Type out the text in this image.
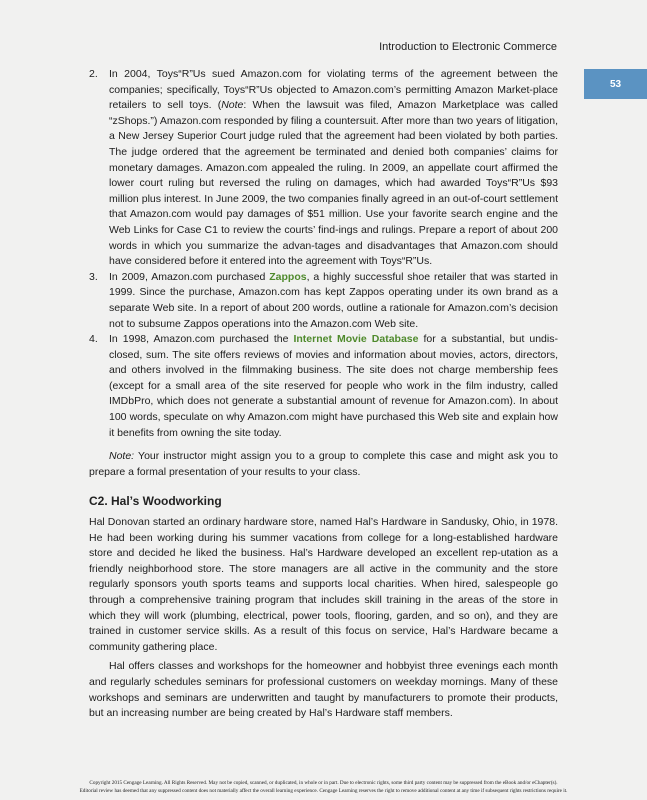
Introduction to Electronic Commerce
53
2. In 2004, Toys“R”Us sued Amazon.com for violating terms of the agreement between the companies; specifically, Toys“R”Us objected to Amazon.com’s permitting Amazon Market-place retailers to sell toys. (Note: When the lawsuit was filed, Amazon Marketplace was called “zShops.”) Amazon.com responded by filing a countersuit. After more than two years of litigation, a New Jersey Superior Court judge ruled that the agreement had been violated by both parties. The judge ordered that the agreement be terminated and denied both companies’ claims for monetary damages. Amazon.com appealed the ruling. In 2009, an appellate court affirmed the lower court ruling but reversed the ruling on damages, which had awarded Toys“R”Us $93 million plus interest. In June 2009, the two companies finally agreed in an out-of-court settlement that Amazon.com would pay damages of $51 million. Use your favorite search engine and the Web Links for Case C1 to review the courts’ find-ings and rulings. Prepare a report of about 200 words in which you summarize the advan-tages and disadvantages that Amazon.com should have considered before it entered into the agreement with Toys“R”Us.
3. In 2009, Amazon.com purchased Zappos, a highly successful shoe retailer that was started in 1999. Since the purchase, Amazon.com has kept Zappos operating under its own brand as a separate Web site. In a report of about 200 words, outline a rationale for Amazon.com’s decision not to subsume Zappos operations into the Amazon.com Web site.
4. In 1998, Amazon.com purchased the Internet Movie Database for a substantial, but undis-closed, sum. The site offers reviews of movies and information about movies, actors, directors, and others involved in the filmmaking business. The site does not charge membership fees (except for a small area of the site reserved for people who work in the film industry, called IMDbPro, which does not generate a substantial amount of revenue for Amazon.com). In about 100 words, speculate on why Amazon.com might have purchased this Web site and explain how it benefits from owning the site today.

Note: Your instructor might assign you to a group to complete this case and might ask you to prepare a formal presentation of your results to your class.

C2. Hal’s Woodworking

Hal Donovan started an ordinary hardware store, named Hal’s Hardware in Sandusky, Ohio, in 1978. He had been working during his summer vacations from college for a long-established hardware store and decided he liked the business. Hal’s Hardware developed an excellent rep-utation as a friendly neighborhood store. The store managers are all active in the community and the store regularly sponsors youth sports teams and supports local charities. When hired, salespeople go through a comprehensive training program that includes skill training in the areas of the store in which they will work (plumbing, electrical, power tools, flooring, garden, and so on), and they are trained in customer service skills. As a result of this focus on service, Hal’s Hardware became a community gathering place.

Hal offers classes and workshops for the homeowner and hobbyist three evenings each month and regularly schedules seminars for professional customers on weekday mornings. Many of these workshops and seminars are underwritten and taught by manufacturers to promote their products, but an increasing number are being created by Hal’s Hardware staff members.

Copyright 2015 Cengage Learning. All Rights Reserved. May not be copied, scanned, or duplicated, in whole or in part. Due to electronic rights, some third party content may be suppressed from the eBook and/or eChapter(s).
Editorial review has deemed that any suppressed content does not materially affect the overall learning experience. Cengage Learning reserves the right to remove additional content at any time if subsequent rights restrictions require it.
